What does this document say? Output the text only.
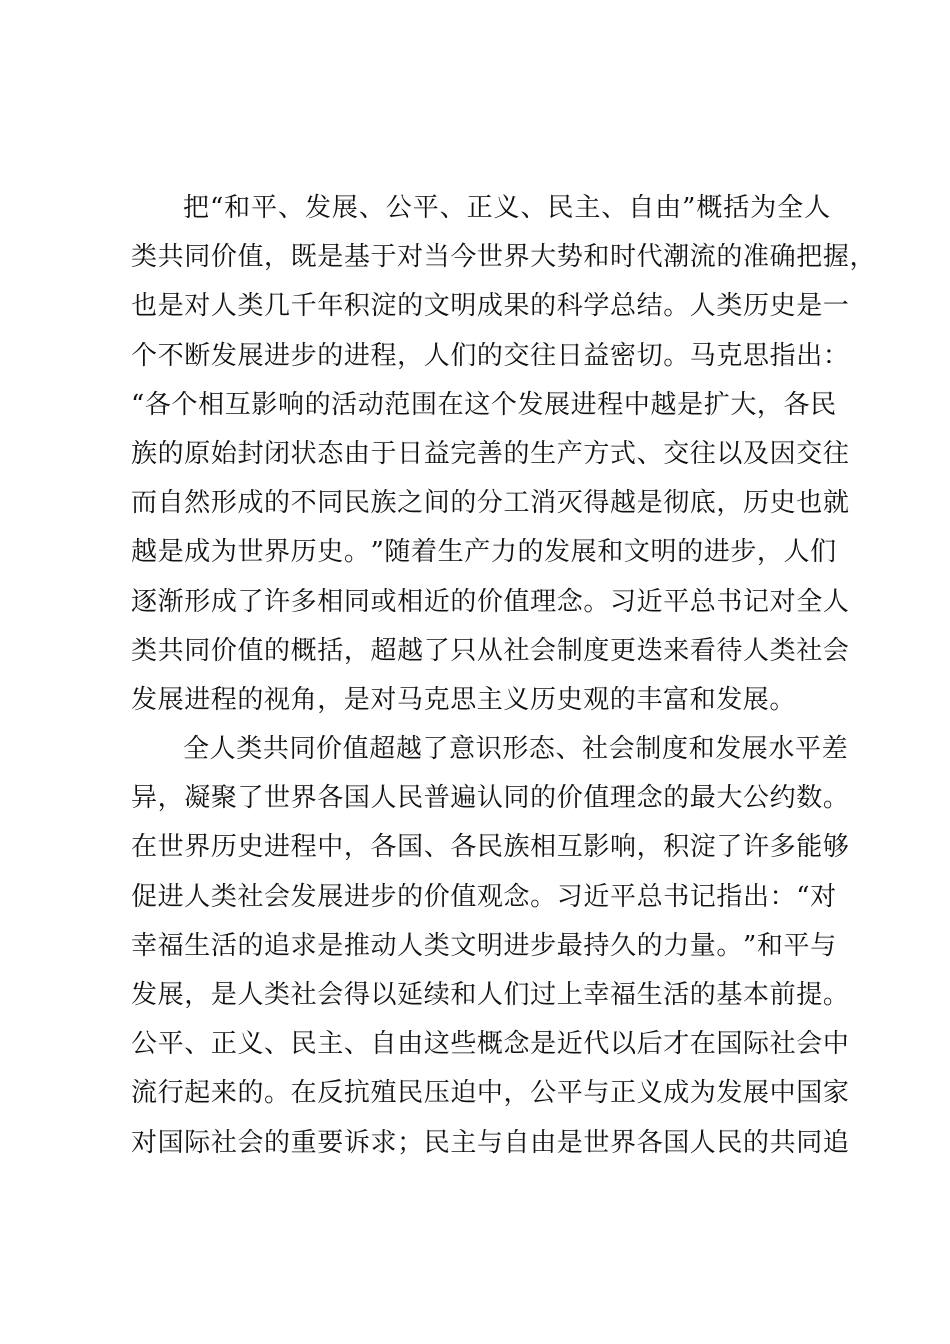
把 “ 和 平 、 发 展 、 公 平 、 正 义 、 民 主 、 自 由 ” 概 括 为 全 人
类 共 同 价 值 ， 既 是 基 于 对 当 今 世 界 大 势 和 时 代 潮 流 的 准 确 把 握 ，
也 是 对 人 类 几 千 年 积 淀 的 文 明 成 果 的 科 学 总 结 。 人 类 历 史 是 一
个 不 断 发 展 进 步 的 进 程 ， 人 们 的 交 往 日 益 密 切 。 马 克 思 指 出 ：
“ 各 个 相 互 影 响 的 活 动 范 围 在 这 个 发 展 进 程 中 越 是 扩 大 ， 各 民
族 的 原 始 封 闭 状 态 由 于 日 益 完 善 的 生 产 方 式 、 交 往 以 及 因 交 往
而 自 然 形 成 的 不 同 民 族 之 间 的 分 工 消 灭 得 越 是 彻 底 ， 历 史 也 就
越 是 成 为 世 界 历 史 。 ” 随 着 生 产 力 的 发 展 和 文 明 的 进 步 ， 人 们
逐 渐 形 成 了 许 多 相 同 或 相 近 的 价 值 理 念 。 习 近 平 总 书 记 对 全 人
类 共 同 价 值 的 概 括 ， 超 越 了 只 从 社 会 制 度 更 迭 来 看 待 人 类 社 会
发展进程的视角，是对马克思主义历史观的丰富和发展。
全 人 类 共 同 价 值 超 越 了 意 识 形 态 、 社 会 制 度 和 发 展 水 平 差
异 ， 凝 聚 了 世 界 各 国 人 民 普 遍 认 同 的 价 值 理 念 的 最 大 公 约 数 。
在 世 界 历 史 进 程 中 ， 各 国 、 各 民 族 相 互 影 响 ， 积 淀 了 许 多 能 够
促 进 人 类 社 会 发 展 进 步 的 价 值 观 念 。 习 近 平 总 书 记 指 出 ： “ 对
幸 福 生 活 的 追 求 是 推 动 人 类 文 明 进 步 最 持 久 的 力 量 。 ” 和 平 与
发 展 ， 是 人 类 社 会 得 以 延 续 和 人 们 过 上 幸 福 生 活 的 基 本 前 提 。
公 平 、 正 义 、 民 主 、 自 由 这 些 概 念 是 近 代 以 后 才 在 国 际 社 会 中
流 行 起 来 的 。 在 反 抗 殖 民 压 迫 中 ， 公 平 与 正 义 成 为 发 展 中 国 家
对 国 际 社 会 的 重 要 诉 求 ； 民 主 与 自 由 是 世 界 各 国 人 民 的 共 同 追
